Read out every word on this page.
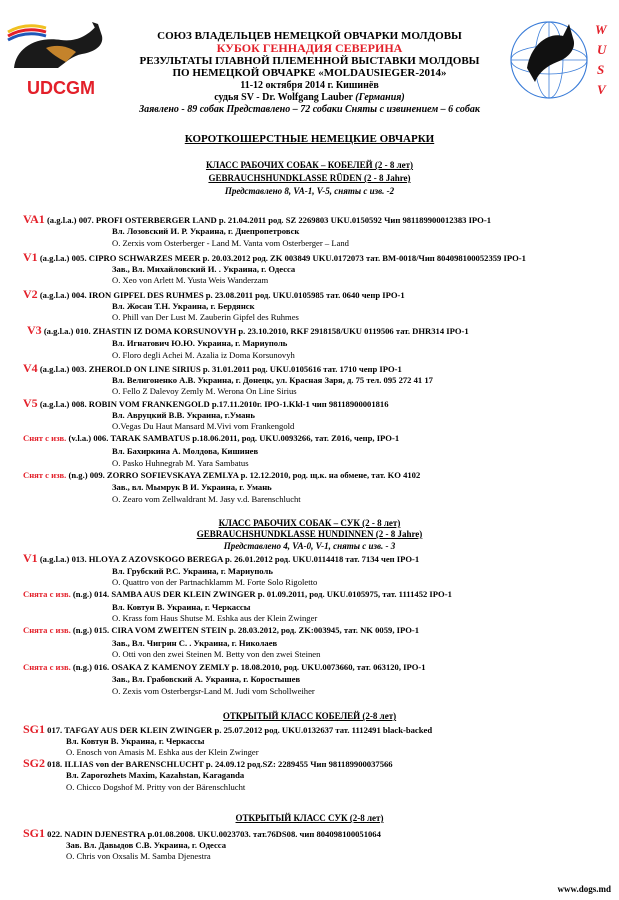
UDCGM
W
U
S
V
СОЮЗ ВЛАДЕЛЬЦЕВ НЕМЕЦКОЙ ОВЧАРКИ МОЛДОВЫ
КУБОК ГЕННАДИЯ СЕВЕРИНА
РЕЗУЛЬТАТЫ ГЛАВНОЙ ПЛЕМЕННОЙ ВЫСТАВКИ МОЛДОВЫ
ПО НЕМЕЦКОЙ ОВЧАРКЕ «MOLDAUSIEGER-2014»
11-12 октября 2014 г. Кишинёв
судья SV - Dr. Wolfgang Lauber (Германия)
Заявлено - 89 собак Представлено – 72 собаки Сняты с извинением – 6 собак
КОРОТКОШЕРСТНЫЕ НЕМЕЦКИЕ ОВЧАРКИ
КЛАСС РАБОЧИХ СОБАК – КОБЕЛЕЙ (2 - 8 лет)
GEBRAUCHSHUNDKLASSE RÜDEN (2 - 8 Jahre)
Представлено 8, VA-1, V-5, сняты с изв. -2
VA1 (a.g.l.a.) 007. PROFI OSTERBERGER LAND р. 21.04.2011 род. SZ 2269803 UKU.0150592 Чип 981189900012383 IPO-1
Вл. Лозовский И. Р. Украина, г. Днепропетровск
O. Zerxis vom Osterberger - Land M. Vanta vom Osterberger – Land
V1 (a.g.l.a.) 005. CIPRO SCHWARZES MEER р. 20.03.2012 род. ZK 003849 UKU.0172073 тат. BM-0018/Чип 804098100052359 IPO-1
Зав., Вл. Михайловский И. . Украина, г. Одесса
O. Xeo von Arlett M. Yusta Weis Wanderzam
V2 (a.g.l.a.) 004. IRON GIPFEL DES RUHMES р. 23.08.2011 род. UKU.0105985 тат. 0640 чепр IPO-1
Вл. Жосан Т.Н. Украина, г. Бердянск
O. Phill van Der Lust M. Zauberin Gipfel des Ruhmes
V3 (a.g.l.a.) 010. ZHASTIN IZ DOMA KORSUNOVYH р. 23.10.2010, RKF 2918158/UKU 0119506 тат. DHR314 IPO-1
Вл. Игнатович Ю.Ю. Украина, г. Мариуполь
O. Floro degli Achei M. Azalia iz Doma Korsunovyh
V4 (a.g.l.a.) 003. ZHEROLD ON LINE SIRIUS р. 31.01.2011 род. UKU.0105616 тат. 1710 чепр IPO-1
Вл. Велигоненко А.В. Украина, г. Донецк, ул. Красная Заря, д. 75 тел. 095 272 41 17
O. Fello Z Dalevoy Zemly M. Werona On Line Sirius
V5 (a.g.l.a.) 008. ROBIN VOM FRANKENGOLD р.17.11.2010г. IPO-1.Kkl-1 чип 98118900001816
Вл. Авруцкий В.В. Украина, г.Умань
O.Vegas Du Haut Mansard M.Vivi vom Frankengold
Снят с изв. (v.l.a.) 006. TARAK SAMBATUS р.18.06.2011, род. UKU.0093266, тат. Z016, чепр, IPO-1
Вл. Бахиркина А. Молдова, Кишинев
O. Pasko Huhnegrab M. Yara Sambatus
Снят с изв. (n.g.) 009. ZORRO SOFIEVSKAYA ZEMLYA р. 12.12.2010, род. щ.к. на обмене, тат. KO 4102
Зав., вл. Мымрук В И. Украина, г. Умань
O. Zearo vom Zellwaldrant M. Jasy v.d. Barenschlucht
КЛАСС РАБОЧИХ СОБАК – СУК (2 - 8 лет)
GEBRAUCHSHUNDKLASSE HUNDINNEN (2 - 8 Jahre)
Представлено 4, VA-0, V-1, сняты с изв. - 3
V1 (a.g.l.a.) 013. HLOYA Z AZOVSKOGO BEREGA р. 26.01.2012 род. UKU.0114418 тат. 7134 чеп IPO-1
Вл. Грубский Р.С. Украина, г. Мариуполь
O. Quattro von der Partnachklamm M. Forte Solo Rigoletto
Снята с изв. (n.g.) 014. SAMBA AUS DER KLEIN ZWINGER р. 01.09.2011, род. UKU.0105975, тат. 1111452 IPO-1
Вл. Ковтун В. Украина, г. Черкассы
O. Krass fom Haus Shutse M. Eshka aus der Klein Zwinger
Снята с изв. (n.g.) 015. CIRA VOM ZWEITEN STEIN р. 28.03.2012, род. ZK:003945, тат. NK 0059, IPO-1
Зав., Вл. Чигрин С. . Украина, г. Николаев
O. Otti von den zwei Steinen M. Betty von den zwei Steinen
Снята с изв. (n.g.) 016. OSAKA Z KAMENOY ZEMLY р. 18.08.2010, род. UKU.0073660, тат. 063120, IPO-1
Зав., Вл. Грабовский А. Украина, г. Коростышев
O. Zexis vom Osterbergsr-Land M. Judi vom Schollweiher
ОТКРЫТЫЙ КЛАСС КОБЕЛЕЙ (2-8 лет)
SG1 017. TAFGAY AUS DER KLEIN ZWINGER р. 25.07.2012 род. UKU.0132637 тат. 1112491 black-backed
Вл. Ковтун В. Украина, г. Черкассы
O. Enosch von Amasis M. Eshka aus der Klein Zwinger
SG2 018. ILLIAS von der BARENSCHLUCHT р. 24.09.12 род.SZ: 2289455 Чип 981189900037566
Вл. Zaporozhets Maxim, Kazahstan, Karaganda
O. Chicco Dogshof M. Pritty von der Bärenschlucht
ОТКРЫТЫЙ КЛАСС СУК (2-8 лет)
SG1 022. NADIN DJENESTRA р.01.08.2008. UKU.0023703. тат.76DS08. чип 804098100051064
Зав. Вл. Давыдов С.В. Украина, г. Одесса
O. Chris von Oxsalis M. Samba Djenestra
www.dogs.md
